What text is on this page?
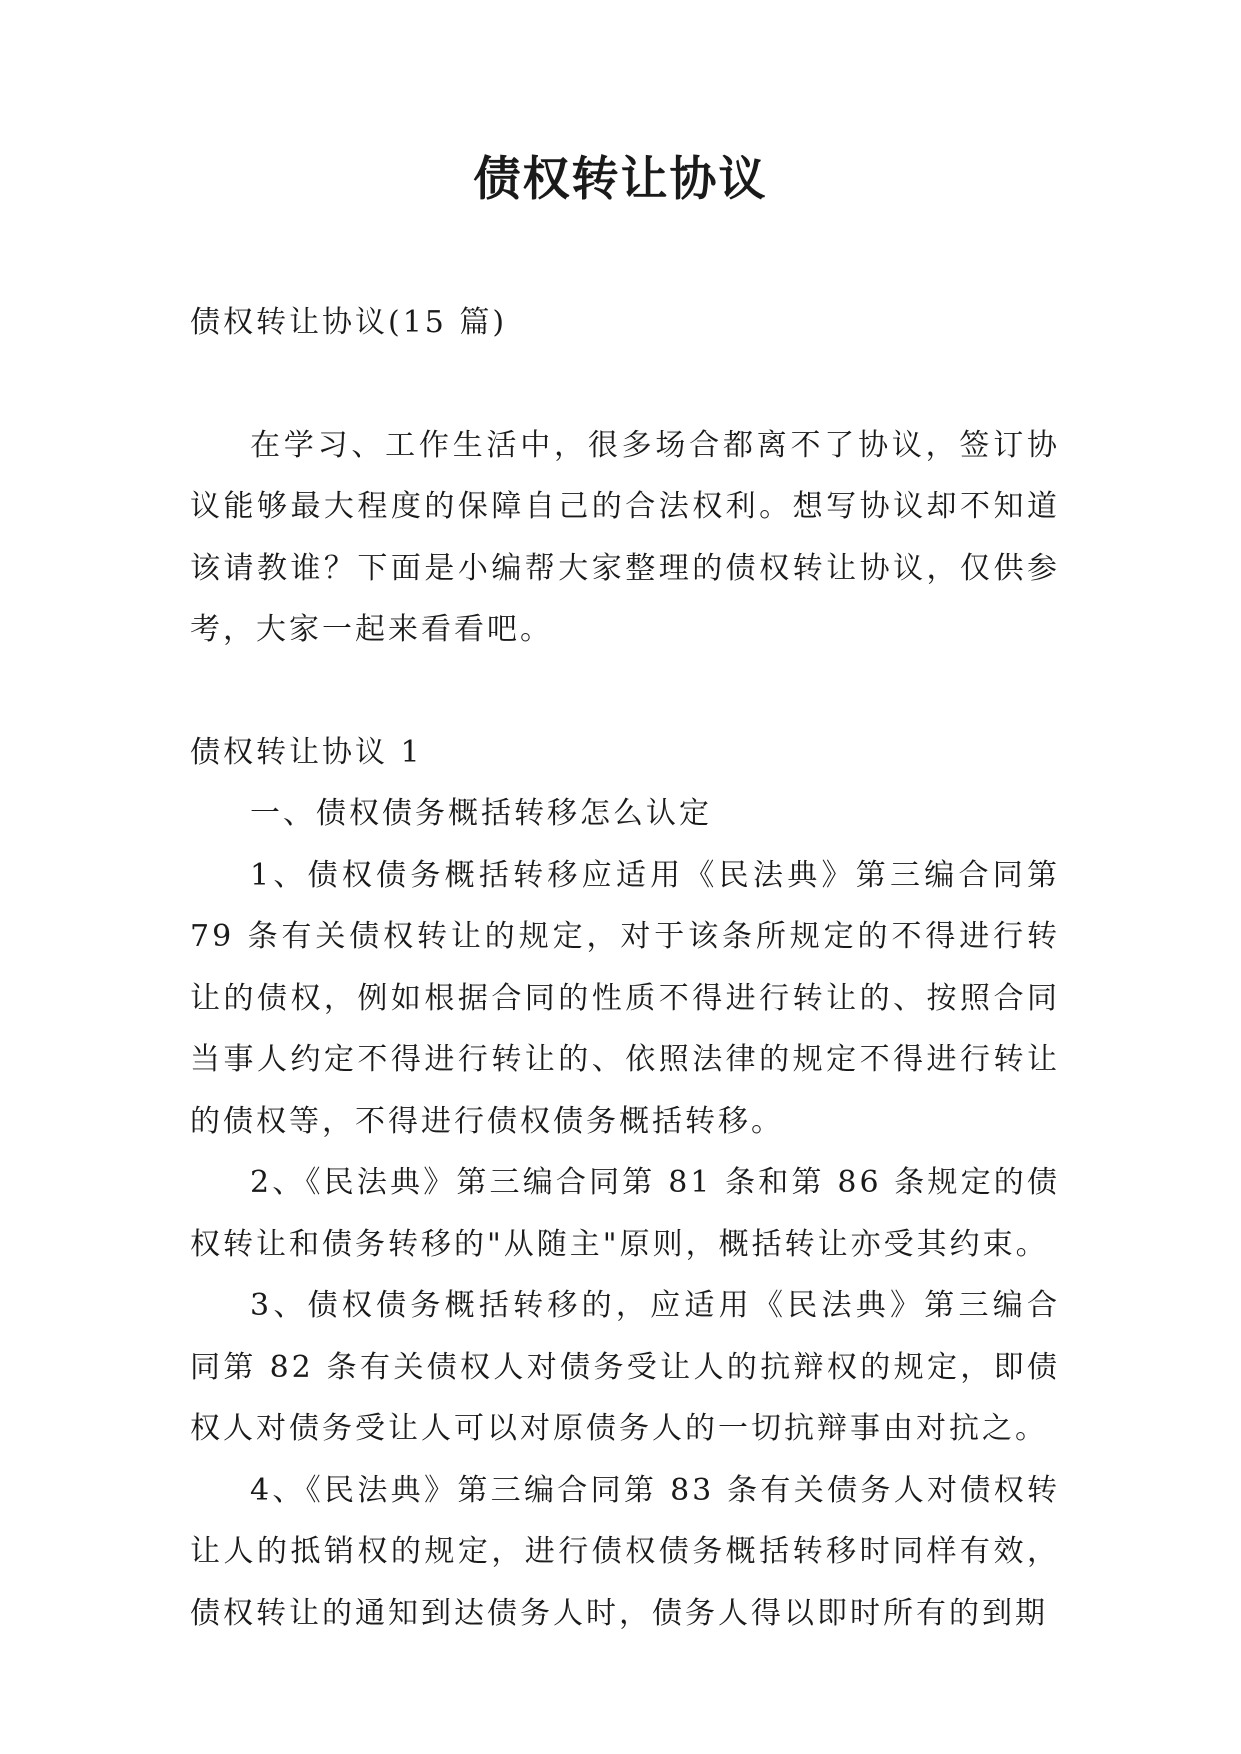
债权转让协议

债权转让协议(15 篇)

在学习、工作生活中，很多场合都离不了协议，签订协议能够最大程度的保障自己的合法权利。想写协议却不知道该请教谁？下面是小编帮大家整理的债权转让协议，仅供参考，大家一起来看看吧。

债权转让协议 1

一、债权债务概括转移怎么认定

1、债权债务概括转移应适用《民法典》第三编合同第 79 条有关债权转让的规定，对于该条所规定的不得进行转让的债权，例如根据合同的性质不得进行转让的、按照合同当事人约定不得进行转让的、依照法律的规定不得进行转让的债权等，不得进行债权债务概括转移。

2、《民法典》第三编合同第 81 条和第 86 条规定的债权转让和债务转移的"从随主"原则，概括转让亦受其约束。

3、债权债务概括转移的，应适用《民法典》第三编合同第 82 条有关债权人对债务受让人的抗辩权的规定，即债权人对债务受让人可以对原债务人的一切抗辩事由对抗之。

4、《民法典》第三编合同第 83 条有关债务人对债权转让人的抵销权的规定，进行债权债务概括转移时同样有效，债权转让的通知到达债务人时，债务人得以即时所有的到期
